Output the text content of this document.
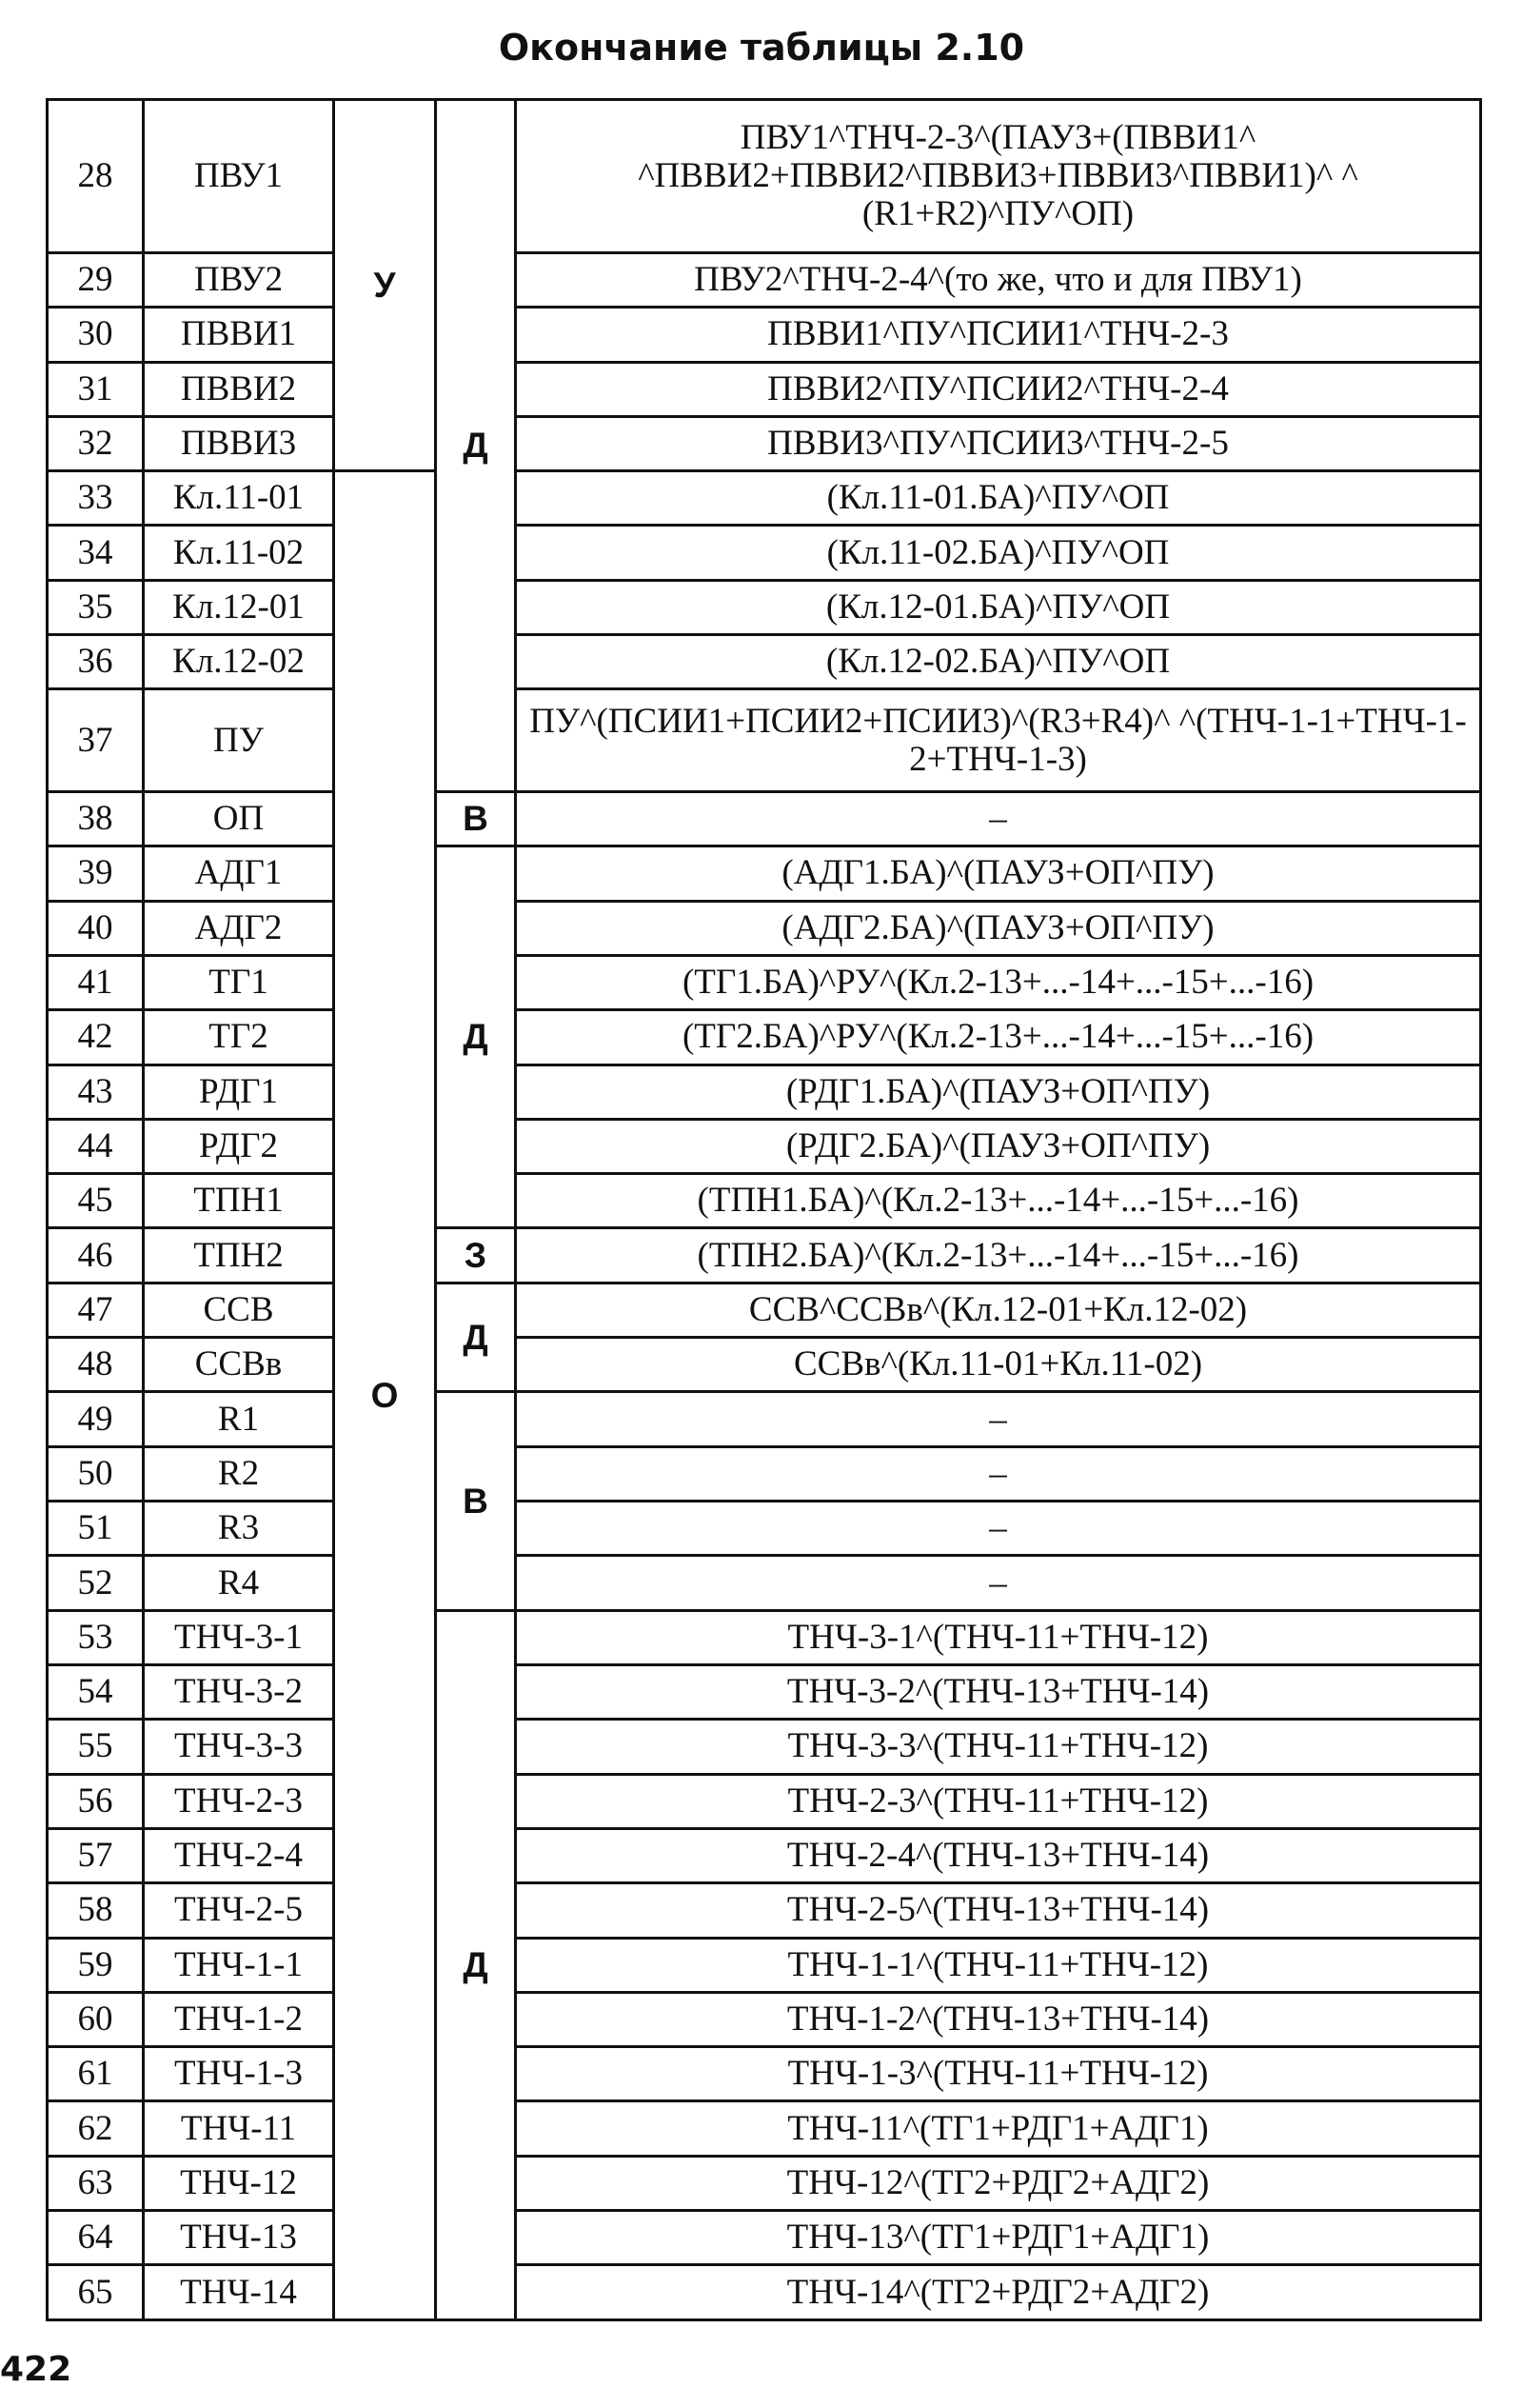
Окончание таблицы 2.10
28	ПВУ1	У	Д	ПВУ1^ТНЧ-2-3^(ПАУЗ+(ПВВИ1^ ^ПВВИ2+ПВВИ2^ПВВИ3+ПВВИ3^ПВВИ1)^ ^ (R1+R2)^ПУ^ОП)
29	ПВУ2			ПВУ2^ТНЧ-2-4^(то же, что и для ПВУ1)
30	ПВВИ1			ПВВИ1^ПУ^ПСИИ1^ТНЧ-2-3
31	ПВВИ2			ПВВИ2^ПУ^ПСИИ2^ТНЧ-2-4
32	ПВВИ3			ПВВИ3^ПУ^ПСИИ3^ТНЧ-2-5
33	Кл.11-01	О		(Кл.11-01.БА)^ПУ^ОП
34	Кл.11-02			(Кл.11-02.БА)^ПУ^ОП
35	Кл.12-01			(Кл.12-01.БА)^ПУ^ОП
36	Кл.12-02			(Кл.12-02.БА)^ПУ^ОП
37	ПУ			ПУ^(ПСИИ1+ПСИИ2+ПСИИ3)^(R3+R4)^ ^(ТНЧ-1-1+ТНЧ-1-2+ТНЧ-1-3)
38	ОП		В	–
39	АДГ1		Д	(АДГ1.БА)^(ПАУЗ+ОП^ПУ)
40	АДГ2			(АДГ2.БА)^(ПАУЗ+ОП^ПУ)
41	ТГ1			(ТГ1.БА)^РУ^(Кл.2-13+...-14+...-15+...-16)
42	ТГ2			(ТГ2.БА)^РУ^(Кл.2-13+...-14+...-15+...-16)
43	РДГ1			(РДГ1.БА)^(ПАУЗ+ОП^ПУ)
44	РДГ2			(РДГ2.БА)^(ПАУЗ+ОП^ПУ)
45	ТПН1			(ТПН1.БА)^(Кл.2-13+...-14+...-15+...-16)
46	ТПН2		З	(ТПН2.БА)^(Кл.2-13+...-14+...-15+...-16)
47	ССВ		Д	ССВ^ССВв^(Кл.12-01+Кл.12-02)
48	ССВв			ССВв^(Кл.11-01+Кл.11-02)
49	R1		В	–
50	R2			–
51	R3			–
52	R4			–
53	ТНЧ-3-1		Д	ТНЧ-3-1^(ТНЧ-11+ТНЧ-12)
54	ТНЧ-3-2			ТНЧ-3-2^(ТНЧ-13+ТНЧ-14)
55	ТНЧ-3-3			ТНЧ-3-3^(ТНЧ-11+ТНЧ-12)
56	ТНЧ-2-3			ТНЧ-2-3^(ТНЧ-11+ТНЧ-12)
57	ТНЧ-2-4			ТНЧ-2-4^(ТНЧ-13+ТНЧ-14)
58	ТНЧ-2-5			ТНЧ-2-5^(ТНЧ-13+ТНЧ-14)
59	ТНЧ-1-1			ТНЧ-1-1^(ТНЧ-11+ТНЧ-12)
60	ТНЧ-1-2			ТНЧ-1-2^(ТНЧ-13+ТНЧ-14)
61	ТНЧ-1-3			ТНЧ-1-3^(ТНЧ-11+ТНЧ-12)
62	ТНЧ-11			ТНЧ-11^(ТГ1+РДГ1+АДГ1)
63	ТНЧ-12			ТНЧ-12^(ТГ2+РДГ2+АДГ2)
64	ТНЧ-13			ТНЧ-13^(ТГ1+РДГ1+АДГ1)
65	ТНЧ-14			ТНЧ-14^(ТГ2+РДГ2+АДГ2)
422
